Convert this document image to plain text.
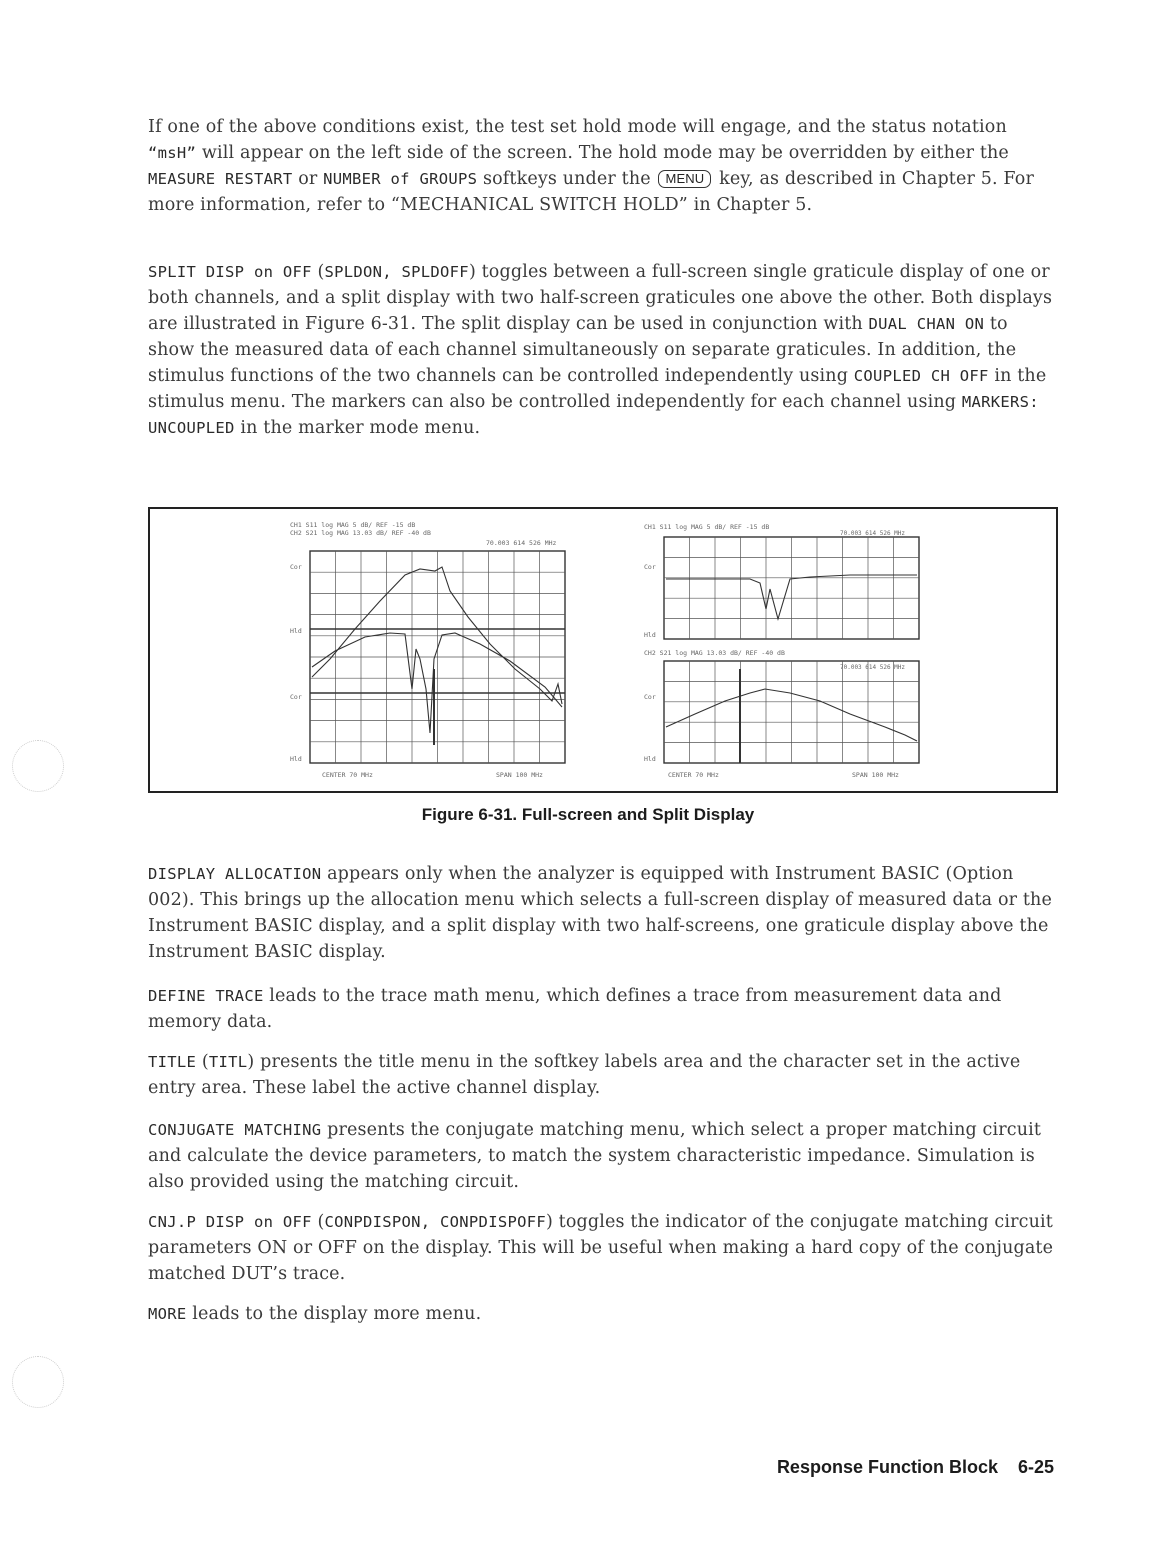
If one of the above conditions exist, the test set hold mode will engage, and the status notation “msH” will appear on the left side of the screen. The hold mode may be overridden by either the MEASURE RESTART or NUMBER of GROUPS softkeys under the MENU key, as described in Chapter 5. For more information, refer to “MECHANICAL SWITCH HOLD” in Chapter 5.

SPLIT DISP on OFF (SPLDON, SPLDOFF) toggles between a full-screen single graticule display of one or both channels, and a split display with two half-screen graticules one above the other. Both displays are illustrated in Figure 6-31. The split display can be used in conjunction with DUAL CHAN ON to show the measured data of each channel simultaneously on separate graticules. In addition, the stimulus functions of the two channels can be controlled independently using COUPLED CH OFF in the stimulus menu. The markers can also be controlled independently for each channel using MARKERS: UNCOUPLED in the marker mode menu.

CH1 S11 log MAG 5 dB/ REF -15 dB
CH2 S21 log MAG 13.03 dB/ REF -40 dB
70.003 614 526 MHz
Cor
Hld
Cor
Hld
CENTER 70 MHz	SPAN 100 MHz
CH1 S11 log MAG 5 dB/ REF -15 dB
70.003 614 526 MHz
Cor
Hld
CH2 S21 log MAG 13.03 dB/ REF -40 dB
70.003 614 526 MHz
Cor
Hld
CENTER 70 MHz	SPAN 100 MHz
Figure 6-31. Full-screen and Split Display

DISPLAY ALLOCATION appears only when the analyzer is equipped with Instrument BASIC (Option 002). This brings up the allocation menu which selects a full-screen display of measured data or the Instrument BASIC display, and a split display with two half-screens, one graticule display above the Instrument BASIC display.

DEFINE TRACE leads to the trace math menu, which defines a trace from measurement data and memory data.

TITLE (TITL) presents the title menu in the softkey labels area and the character set in the active entry area. These label the active channel display.

CONJUGATE MATCHING presents the conjugate matching menu, which select a proper matching circuit and calculate the device parameters, to match the system characteristic impedance. Simulation is also provided using the matching circuit.

CNJ.P DISP on OFF (CONPDISPON, CONPDISPOFF) toggles the indicator of the conjugate matching circuit parameters ON or OFF on the display. This will be useful when making a hard copy of the conjugate matched DUT’s trace.

MORE leads to the display more menu.

Response Function Block 6-25
